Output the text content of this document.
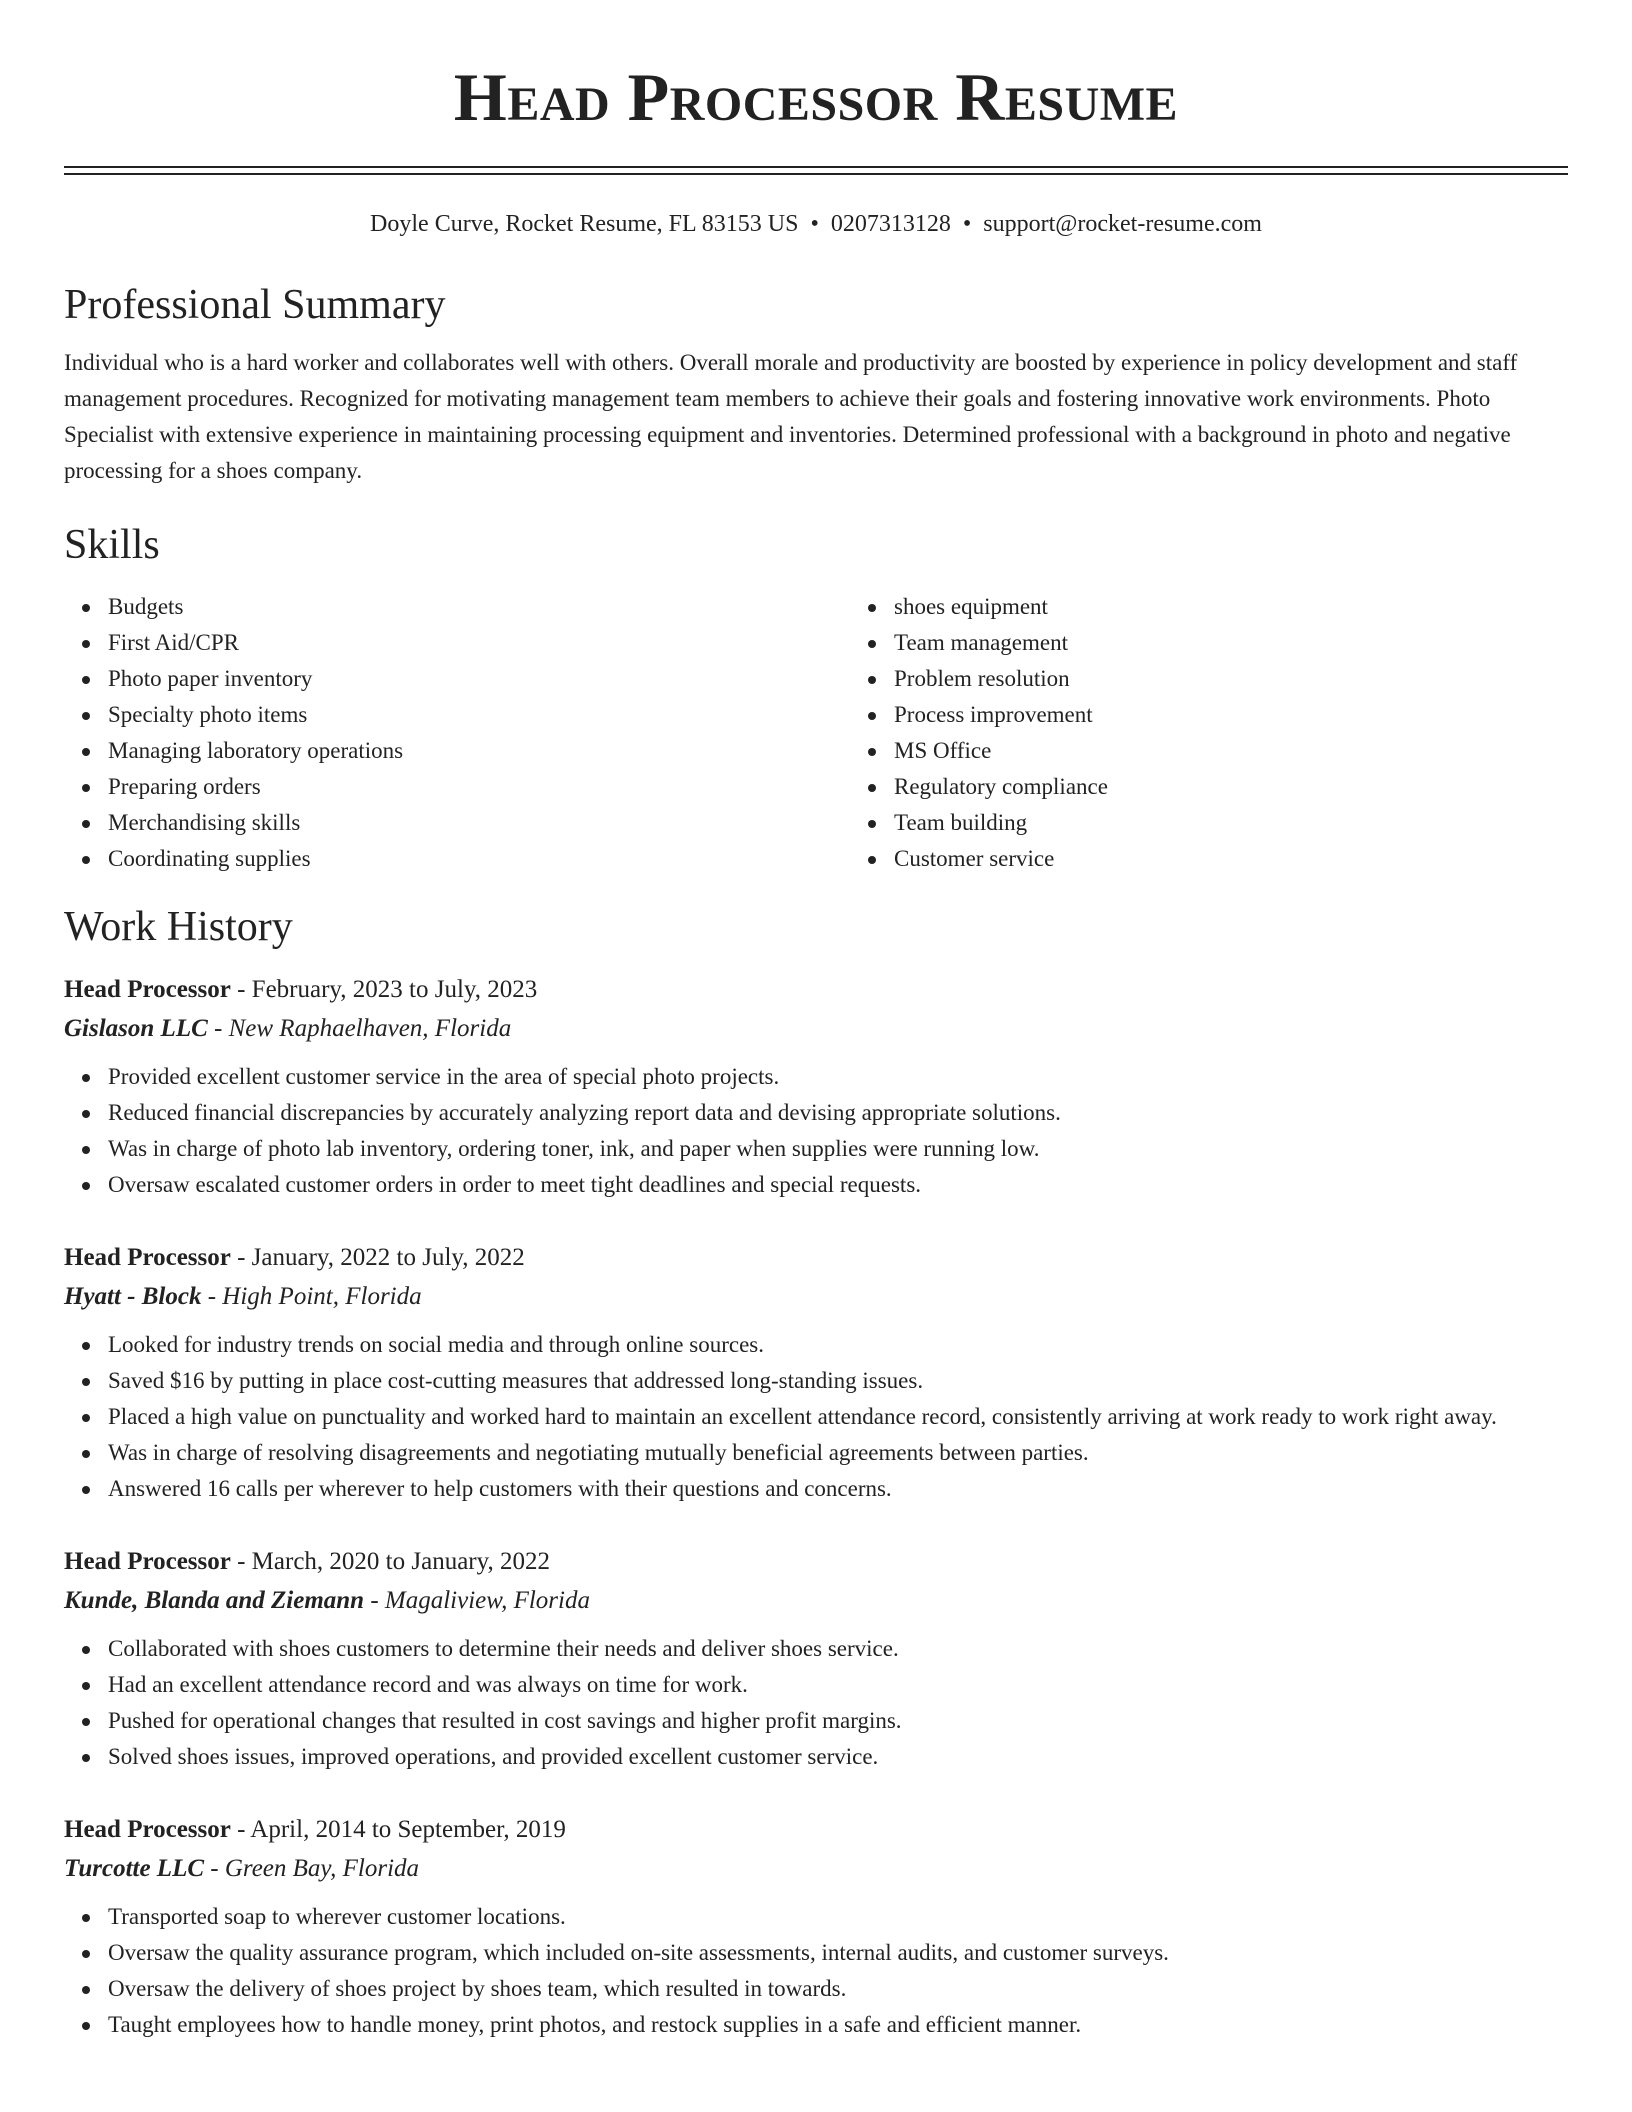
Head Processor Resume
Doyle Curve, Rocket Resume, FL 83153 US • 0207313128 • support@rocket-resume.com
Professional Summary

Individual who is a hard worker and collaborates well with others. Overall morale and productivity are boosted by experience in policy development and staff management procedures. Recognized for motivating management team members to achieve their goals and fostering innovative work environments. Photo Specialist with extensive experience in maintaining processing equipment and inventories. Determined professional with a background in photo and negative processing for a shoes company.

Skills
Budgets
First Aid/CPR
Photo paper inventory
Specialty photo items
Managing laboratory operations
Preparing orders
Merchandising skills
Coordinating supplies
shoes equipment
Team management
Problem resolution
Process improvement
MS Office
Regulatory compliance
Team building
Customer service
Work History
Head Processor - February, 2023 to July, 2023
Gislason LLC - New Raphaelhaven, Florida
Provided excellent customer service in the area of special photo projects.
Reduced financial discrepancies by accurately analyzing report data and devising appropriate solutions.
Was in charge of photo lab inventory, ordering toner, ink, and paper when supplies were running low.
Oversaw escalated customer orders in order to meet tight deadlines and special requests.
Head Processor - January, 2022 to July, 2022
Hyatt - Block - High Point, Florida
Looked for industry trends on social media and through online sources.
Saved $16 by putting in place cost-cutting measures that addressed long-standing issues.
Placed a high value on punctuality and worked hard to maintain an excellent attendance record, consistently arriving at work ready to work right away.
Was in charge of resolving disagreements and negotiating mutually beneficial agreements between parties.
Answered 16 calls per wherever to help customers with their questions and concerns.
Head Processor - March, 2020 to January, 2022
Kunde, Blanda and Ziemann - Magaliview, Florida
Collaborated with shoes customers to determine their needs and deliver shoes service.
Had an excellent attendance record and was always on time for work.
Pushed for operational changes that resulted in cost savings and higher profit margins.
Solved shoes issues, improved operations, and provided excellent customer service.
Head Processor - April, 2014 to September, 2019
Turcotte LLC - Green Bay, Florida
Transported soap to wherever customer locations.
Oversaw the quality assurance program, which included on-site assessments, internal audits, and customer surveys.
Oversaw the delivery of shoes project by shoes team, which resulted in towards.
Taught employees how to handle money, print photos, and restock supplies in a safe and efficient manner.
